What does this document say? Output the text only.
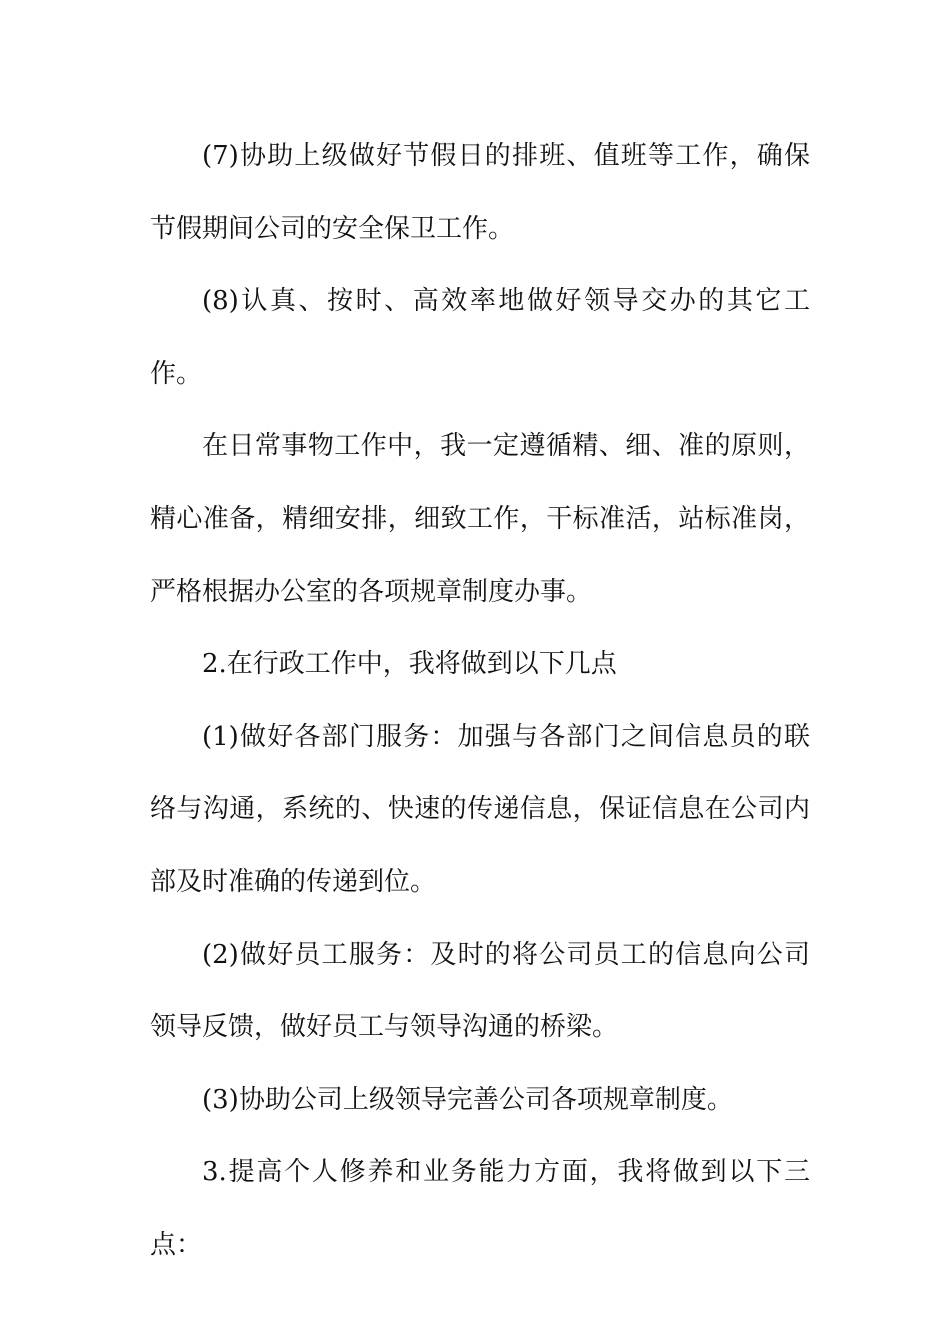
(7)协助上级做好节假日的排班、值班等工作，确保节假期间公司的安全保卫工作。

(8)认真、按时、高效率地做好领导交办的其它工作。

在日常事物工作中，我一定遵循精、细、准的原则，精心准备，精细安排，细致工作，干标准活，站标准岗，严格根据办公室的各项规章制度办事。

2.在行政工作中，我将做到以下几点

(1)做好各部门服务：加强与各部门之间信息员的联络与沟通，系统的、快速的传递信息，保证信息在公司内部及时准确的传递到位。

(2)做好员工服务：及时的将公司员工的信息向公司领导反馈，做好员工与领导沟通的桥梁。

(3)协助公司上级领导完善公司各项规章制度。

3.提高个人修养和业务能力方面，我将做到以下三点：
